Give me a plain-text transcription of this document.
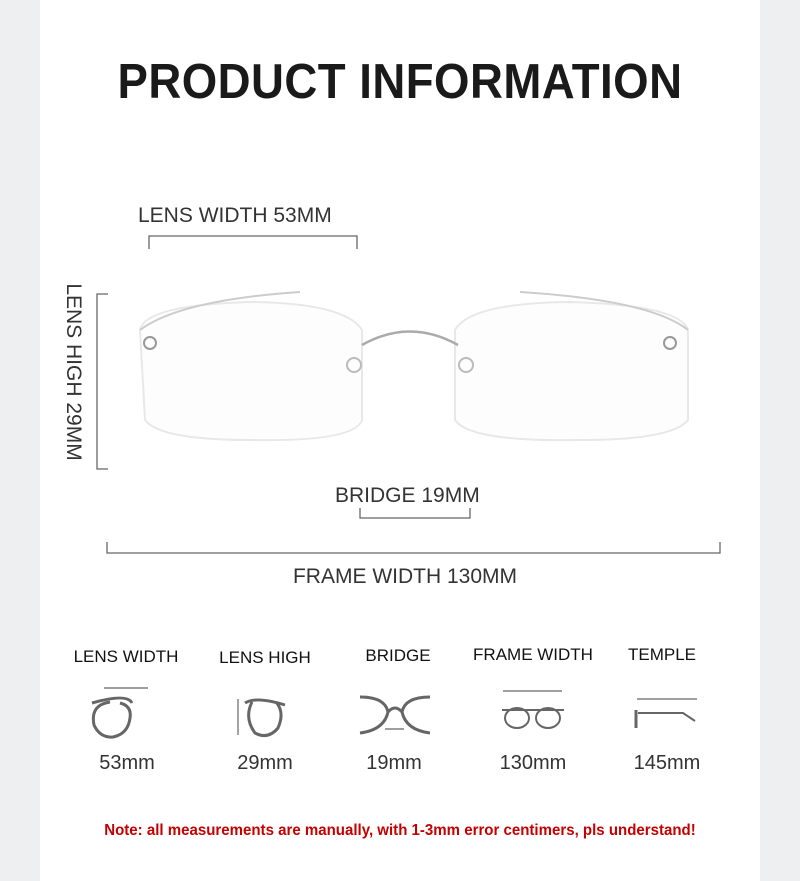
PRODUCT INFORMATION
LENS WIDTH 53MM
LENS HIGH 29MM
BRIDGE 19MM
FRAME WIDTH 130MM
LENS WIDTH	LENS HIGH	BRIDGE	FRAME WIDTH	TEMPLE
53mm	29mm	19mm	130mm	145mm
Note: all measurements are manually, with 1-3mm error centimers, pls understand!
